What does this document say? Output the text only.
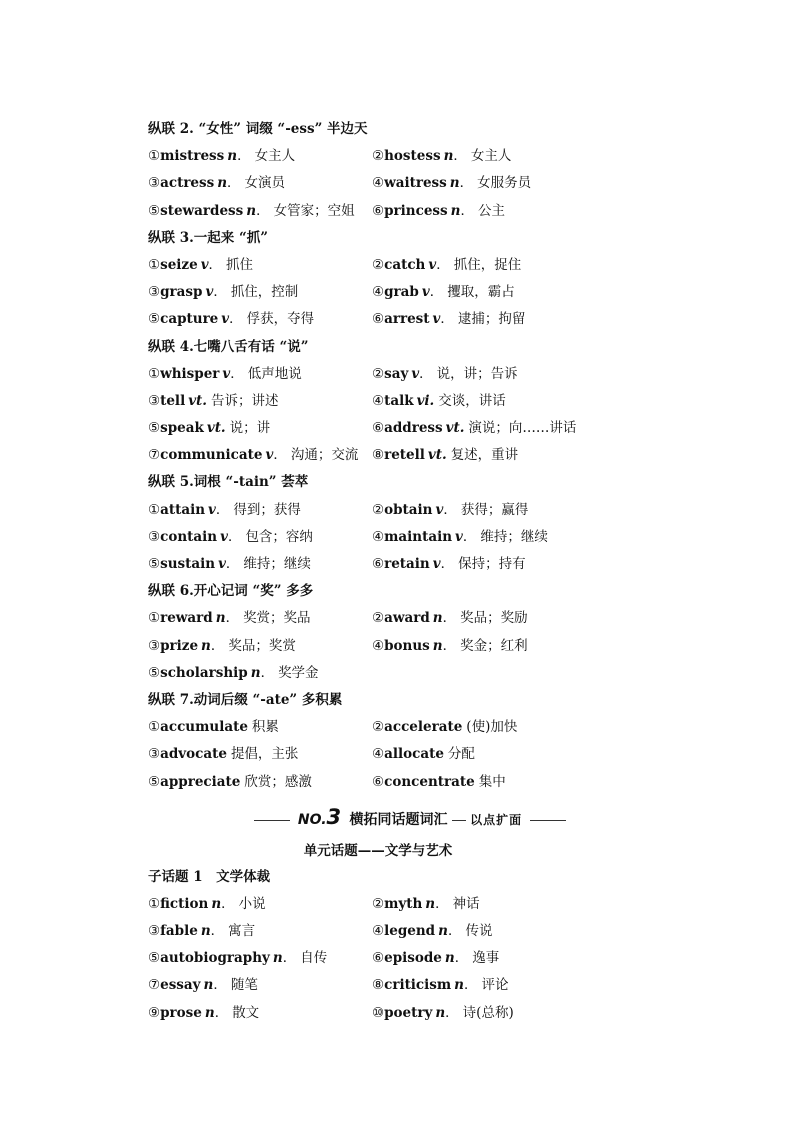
纵联 2. “女性” 词缀 “-ess” 半边天
①mistress n． 女主人	②hostess n． 女主人
③actress n． 女演员	④waitress n． 女服务员
⑤stewardess n． 女管家；空姐 ⑥princess n． 公主
纵联 3.一起来 “抓”
①seize v． 抓住	②catch v． 抓住，捉住
③grasp v． 抓住，控制	④grab v． 攫取，霸占
⑤capture v． 俘获，夺得	⑥arrest v． 逮捕；拘留
纵联 4.七嘴八舌有话 “说”
①whisper v． 低声地说	②say v． 说，讲；告诉
③tell vt. 告诉；讲述	④talk vi. 交谈，讲话
⑤speak vt. 说；讲	⑥address vt. 演说；向……讲话
⑦communicate v． 沟通；交流 ⑧retell vt. 复述，重讲
纵联 5.词根 “-tain” 荟萃
①attain v． 得到；获得	②obtain v． 获得；赢得
③contain v． 包含；容纳	④maintain v． 维持；继续
⑤sustain v． 维持；继续	⑥retain v． 保持；持有
纵联 6.开心记词 “奖” 多多
①reward n． 奖赏；奖品	②award n． 奖品；奖励
③prize n． 奖品；奖赏	④bonus n． 奖金；红利
⑤scholarship n． 奖学金
纵联 7.动词后缀 “-ate” 多积累
①accumulate 积累	②accelerate (使)加快
③advocate 提倡，主张	④allocate 分配
⑤appreciate 欣赏；感激	⑥concentrate 集中
NO.3 横拓同话题词汇 以点扩面
单元话题——文学与艺术
子话题 1　文学体裁
①fiction n． 小说	②myth n． 神话
③fable n． 寓言	④legend n． 传说
⑤autobiography n． 自传	⑥episode n． 逸事
⑦essay n． 随笔	⑧criticism n． 评论
⑨prose n． 散文	⑩poetry n． 诗(总称)
